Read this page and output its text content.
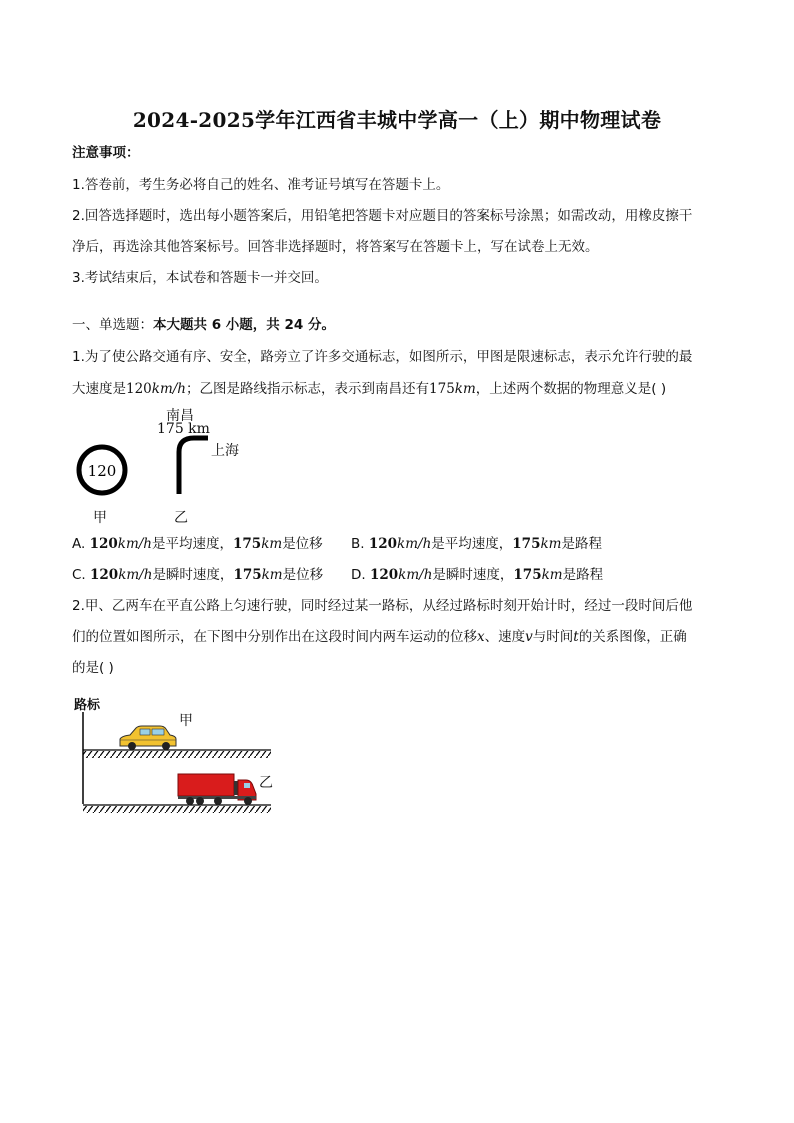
2024-2025学年江西省丰城中学高一（上）期中物理试卷
注意事项：
1.答卷前，考生务必将自己的姓名、准考证号填写在答题卡上。
2.回答选择题时，选出每小题答案后，用铅笔把答题卡对应题目的答案标号涂黑；如需改动，用橡皮擦干
净后，再选涂其他答案标号。回答非选择题时，将答案写在答题卡上，写在试卷上无效。
3.考试结束后，本试卷和答题卡一并交回。
一、单选题：本大题共 6 小题，共 24 分。
1.为了使公路交通有序、安全，路旁立了许多交通标志，如图所示，甲图是限速标志，表示允许行驶的最
大速度是120km/h；乙图是路线指示标志，表示到南昌还有175km，上述两个数据的物理意义是( )
120
甲
南昌
175 km
上海
乙
A. 120km/h是平均速度，175km是位移 B. 120km/h是平均速度，175km是路程
C. 120km/h是瞬时速度，175km是位移 D. 120km/h是瞬时速度，175km是路程
2.甲、乙两车在平直公路上匀速行驶，同时经过某一路标，从经过路标时刻开始计时，经过一段时间后他
们的位置如图所示，在下图中分别作出在这段时间内两车运动的位移x、速度v与时间t的关系图像，正确
的是( )
路标
甲
乙
